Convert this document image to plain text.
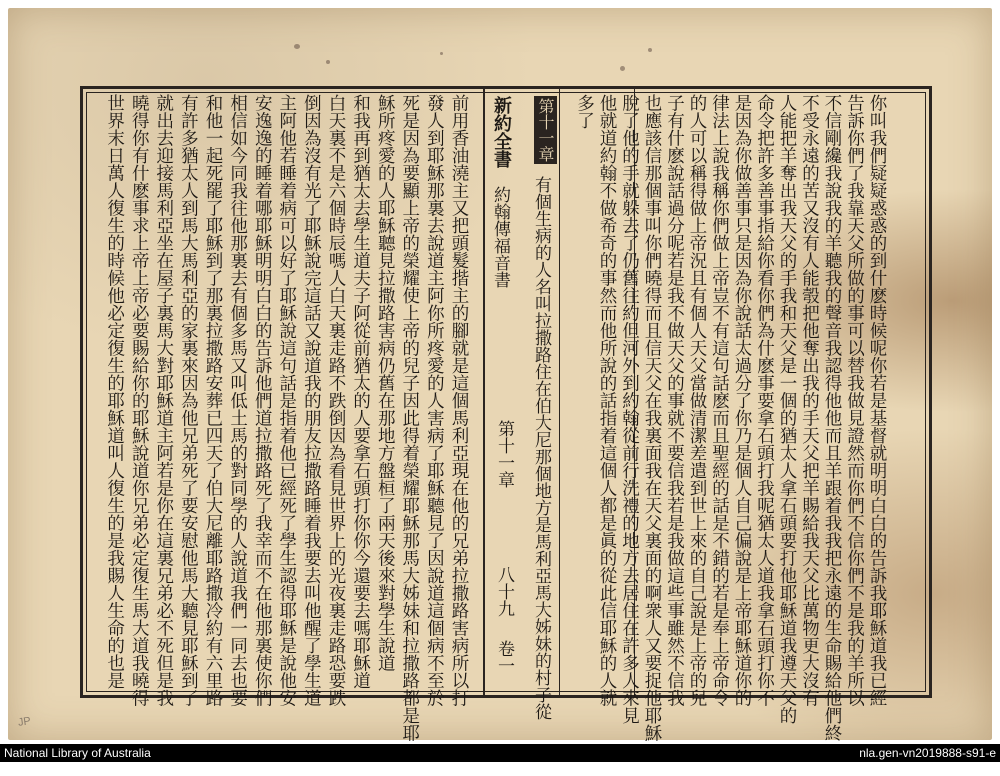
你叫我們疑疑惑惑的到什麽時候呢你若是基督就明明白白的告訴我耶穌道我已經
告訴你們了我靠天父所做的事可以替我做見證然而你們不信你們不是我的羊所以
不信剛纔我說我的羊聽我的聲音我認得他他而且羊跟着我我把永遠的生命賜給他們終
不受永遠的苦又沒有人能彀把他奪出我的手天父把羊賜給我天父比萬物更大沒有
人能把羊奪出我天父的手我和天父是一個的猶太人拿石頭要打他耶穌道我遵天父的
命令把許多善事指給你看你們為什麽事要拿石頭打我呢猶太人道我拿石頭打你不
是因為你做善事只是因為你說話太過分了你乃是個人自己偏說是上帝耶穌道你的
律法上說我稱你們做上帝豈不有這句話麽而且聖經的話是不錯的若是奉上帝命令
的人可以稱得做上帝況且有個人天父當做清潔差遣到世上來的自己說是上帝的兒
子有什麽說話過分呢若是我不做天父的事就不要信我若是我做這些事雖然不信我
也應該信那個事叫你們曉得而且信天父在我裏面我在天父裏面的啊衆人又要捉他耶穌
脫了他的手就躲去了仍舊往約但河外到約翰從前行洗禮的地方去居住在許多人來見
他就道約翰不做希奇的事然而他所說的話指着這個人都是眞的從此信耶穌的人就
多了
前用香油澆主又把頭髮揩主的腳就是這個馬利亞現在他的兄弟拉撒路害病所以打
發人到耶穌那裏去說道主阿你所疼愛的人害病了耶穌聽見了因說道這個病不至於
死是因為要顯上帝的榮耀使上帝的兒子因此得着榮耀耶穌那馬大姊妹和拉撒路都是耶
穌所疼愛的人耶穌聽見拉撒路害病仍舊在那地方盤桓了兩天後來對學生說道
和我再到猶太去學生道夫子阿從前猶太的人要拿石頭打你你今還要去嗎耶穌道
白天裏不是六個時辰嗎人白天裏走路不跌倒因為看見世界上的光夜裏走路恐要跌
倒因為沒有光了耶穌說完這話又說道我的朋友拉撒路睡着我要去叫他醒了學生道
主阿他若睡着病可以好了耶穌說這句話是指着他已經死了學生認得耶穌是說他安
安逸逸的睡着哪耶穌明明白白的告訴他們道拉撒路死了我幸而不在他那裏使你們
相信如今同我往他那裏去有個多馬又叫低土馬的對同學的人說道我們一同去也要
和他一起死罷了耶穌到了那裏拉撒路安葬已四天了伯大尼離耶路撒冷約有六里路
有許多猶太人到馬大馬利亞的家裏來因為他兄弟死了要安慰他馬大聽見耶穌到了
就出去迎接馬利亞坐在屋子裏馬大對耶穌道主阿若是你在這裏兄弟必不死但是我
曉得你有什麽事求上帝上帝必要賜給你的耶穌說道你兄弟必定復生馬大道我曉得
世界末日萬人復生的時候他必定復生的耶穌道叫人復生的是我賜人生命的也是	新約全書
約翰傳福音書
第十一章
八十九
卷一
第十一章
有個生病的人名叫拉撒路住在伯大尼那個地方是馬利亞馬大姊妹的村子從
JP
National Library of Australia	nla.gen-vn2019888-s91-e
